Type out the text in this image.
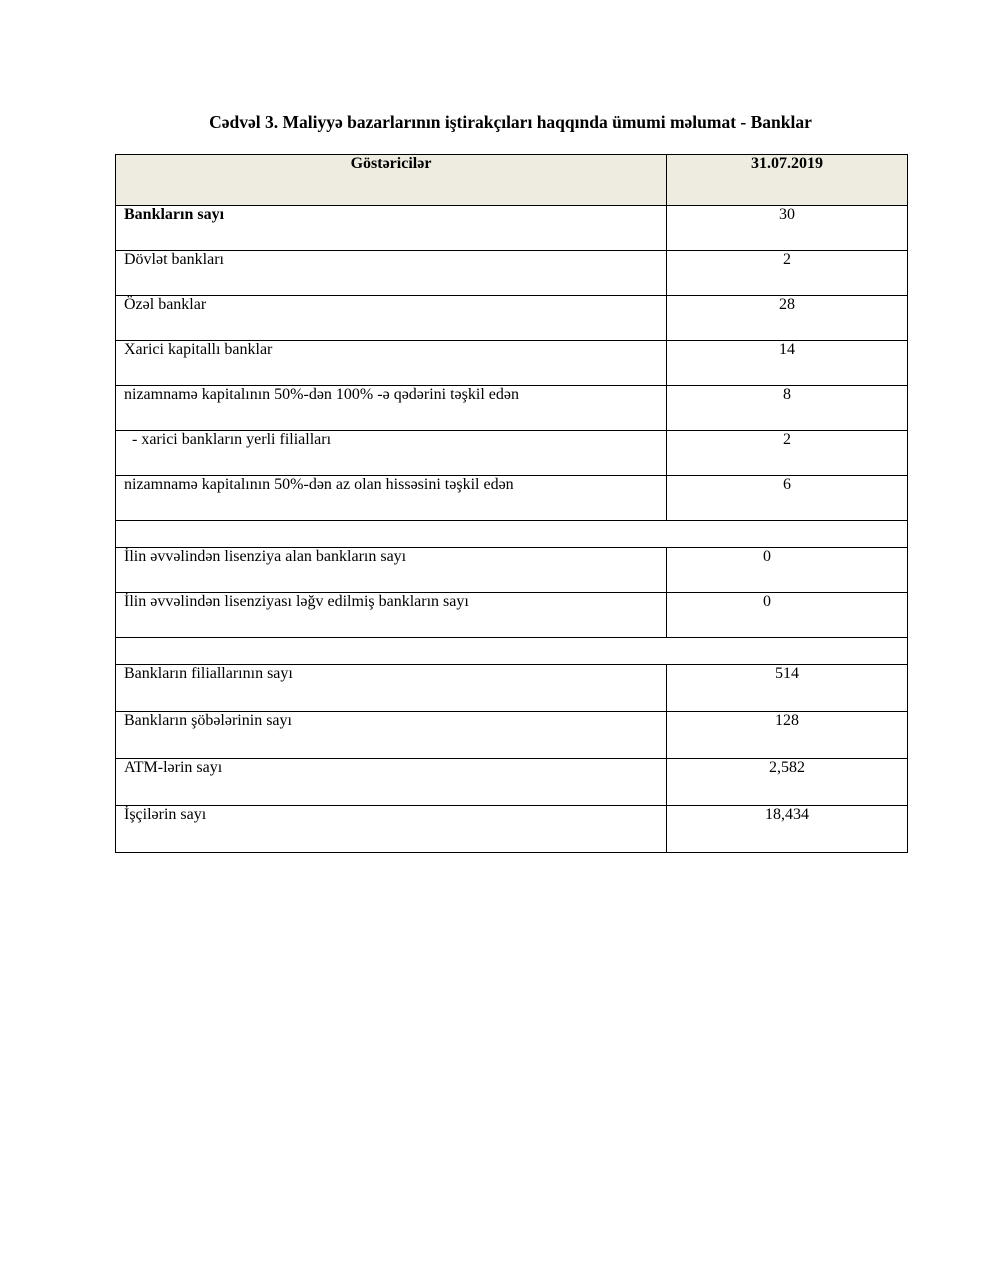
Cədvəl 3. Maliyyə bazarlarının iştirakçıları haqqında ümumi məlumat - Banklar
Göstəricilər	31.07.2019
Bankların sayı	30
Dövlət bankları	2
Özəl banklar	28
Xarici kapitallı banklar	14
nizamnamə kapitalının 50%-dən 100% -ə qədərini təşkil edən	8
- xarici bankların yerli filialları	2
nizamnamə kapitalının 50%-dən az olan hissəsini təşkil edən	6

İlin əvvəlindən lisenziya alan bankların sayı	0
İlin əvvəlindən lisenziyası ləğv edilmiş bankların sayı	0

Bankların filiallarının sayı	514
Bankların şöbələrinin sayı	128
ATM-lərin sayı	2,582
İşçilərin sayı	18,434
